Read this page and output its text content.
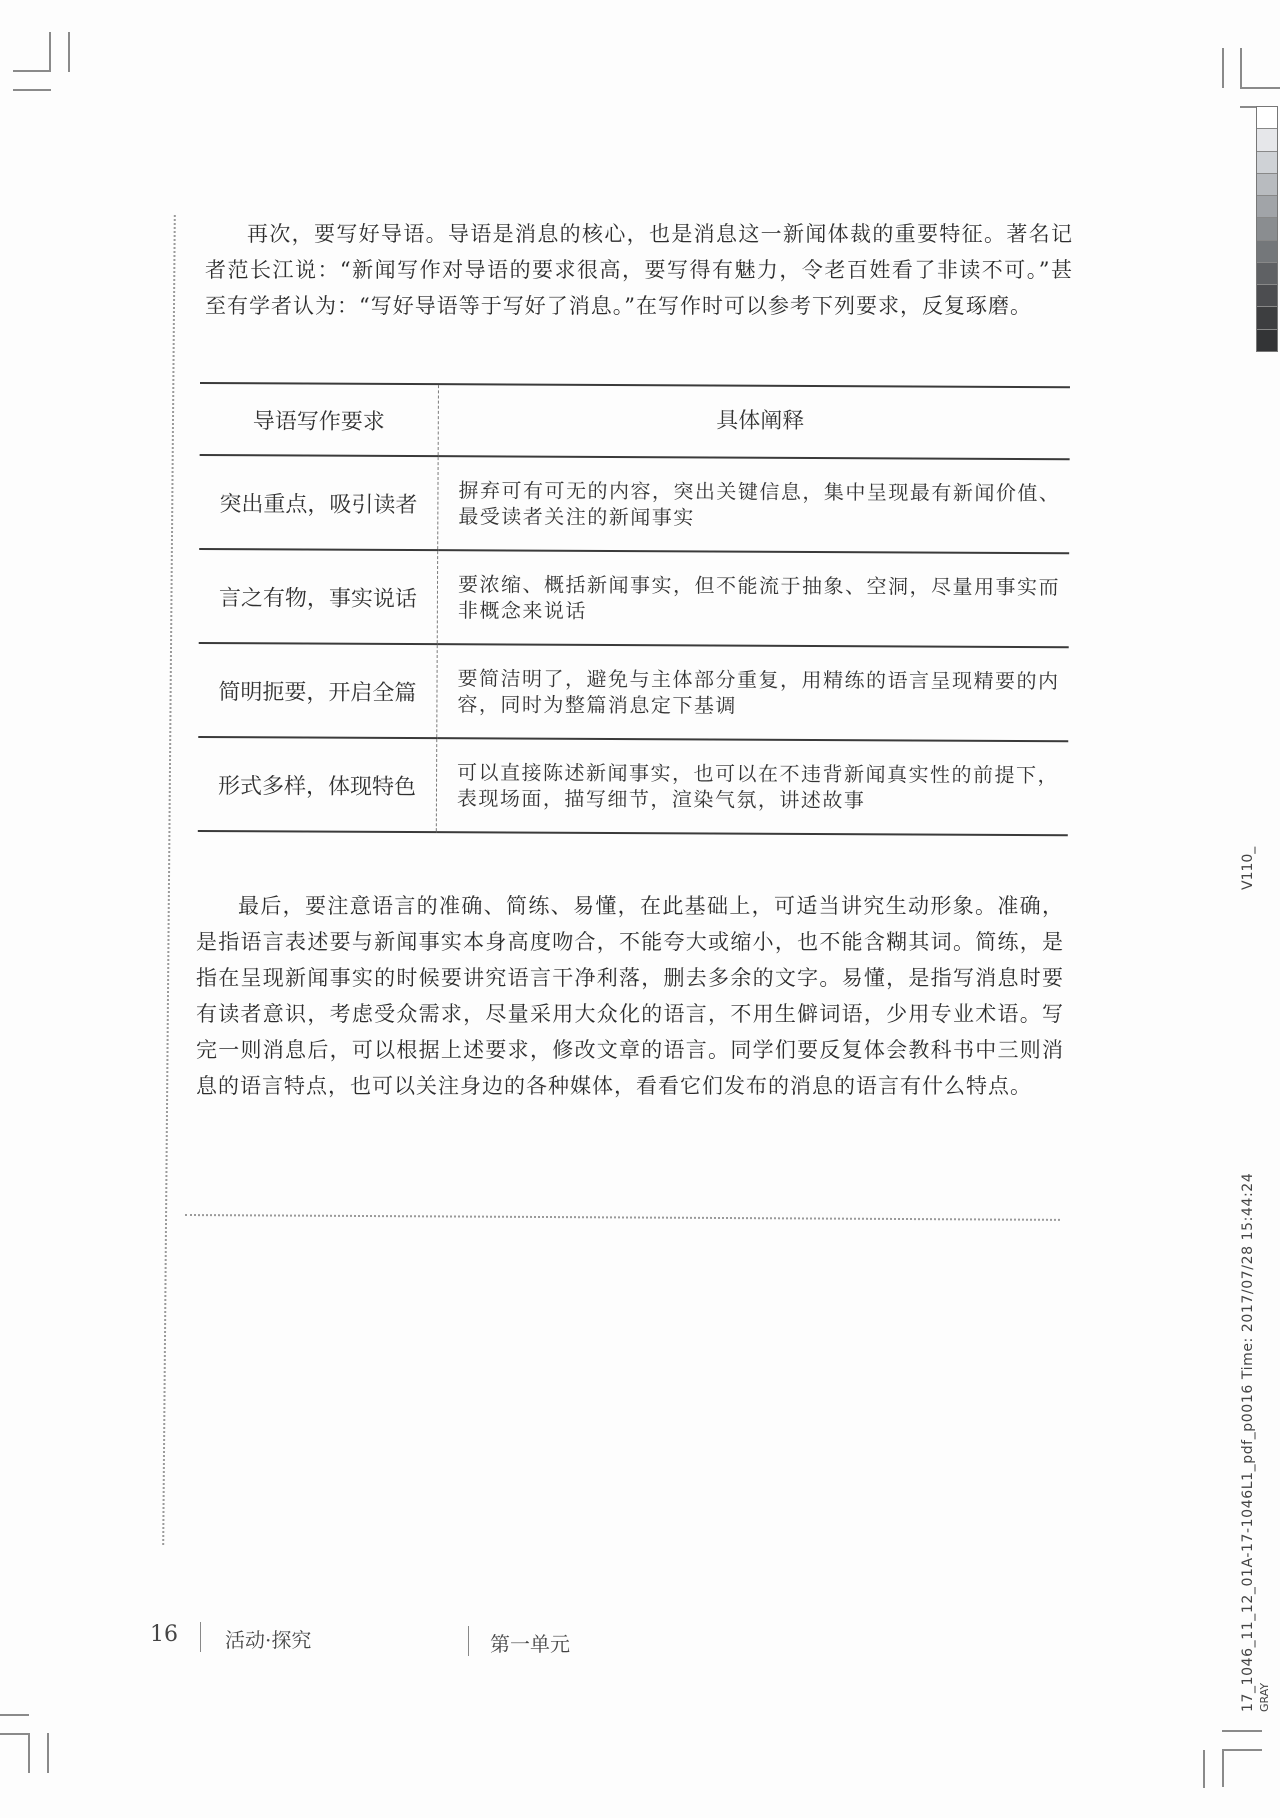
再次，要写好导语。导语是消息的核心，也是消息这一新闻体裁的重要特征。著名记者范长江说：“新闻写作对导语的要求很高，要写得有魅力，令老百姓看了非读不可。”甚至有学者认为：“写好导语等于写好了消息。”在写作时可以参考下列要求，反复琢磨。

导语写作要求	具体阐释
突出重点，吸引读者	摒弃可有可无的内容，突出关键信息，集中呈现最有新闻价值、最受读者关注的新闻事实
言之有物，事实说话	要浓缩、概括新闻事实，但不能流于抽象、空洞，尽量用事实而非概念来说话
简明扼要，开启全篇	要简洁明了，避免与主体部分重复，用精练的语言呈现精要的内容，同时为整篇消息定下基调
形式多样，体现特色	可以直接陈述新闻事实，也可以在不违背新闻真实性的前提下，表现场面，描写细节，渲染气氛，讲述故事

最后，要注意语言的准确、简练、易懂，在此基础上，可适当讲究生动形象。准确，是指语言表述要与新闻事实本身高度吻合，不能夸大或缩小，也不能含糊其词。简练，是指在呈现新闻事实的时候要讲究语言干净利落，删去多余的文字。易懂，是指写消息时要有读者意识，考虑受众需求，尽量采用大众化的语言，不用生僻词语，少用专业术语。写完一则消息后，可以根据上述要求，修改文章的语言。同学们要反复体会教科书中三则消息的语言特点，也可以关注身边的各种媒体，看看它们发布的消息的语言有什么特点。

16 活动·探究	第一单元
V110_
17_1046_11_12_01A-17-1046L1_pdf_p0016 Time: 2017/07/28 15:44:24 GRAY
